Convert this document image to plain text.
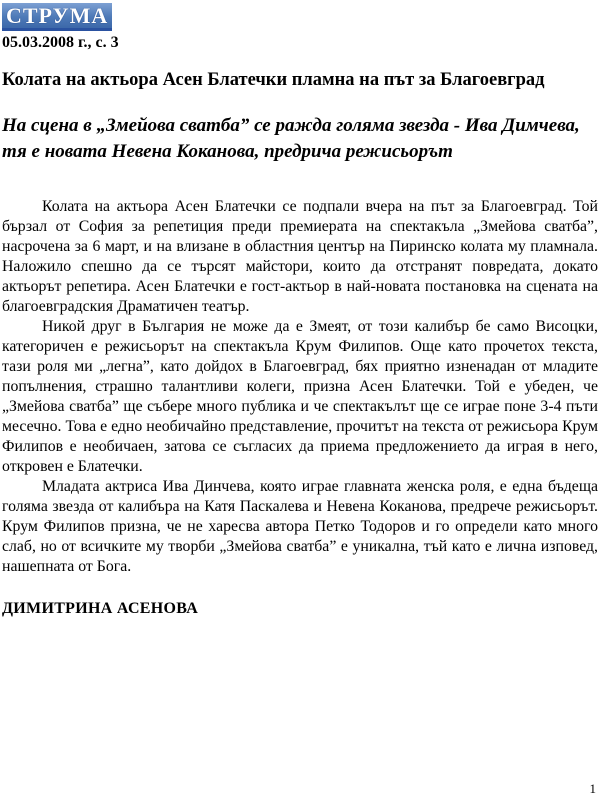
СТРУМА
05.03.2008 г., с. 3
Колата на актьора Асен Блатечки пламна на път за Благоевград
На сцена в „Змейова сватба” се ражда голяма звезда - Ива Димчева, тя е новата Невена Коканова, предрича режисьорът

Колата на актьора Асен Блатечки се подпали вчера на път за Благоевград. Той бързал от София за репетиция преди премиерата на спектакъла „Змейова сватба”, насрочена за 6 март, и на влизане в областния център на Пиринско колата му пламнала. Наложило спешно да се търсят майстори, които да отстранят повредата, докато актьорът репетира. Асен Блатечки е гост-актьор в най-новата постановка на сцената на благоевградския Драматичен театър.

Никой друг в България не може да е Змеят, от този калибър бе само Висоцки, категоричен е режисьорът на спектакъла Крум Филипов. Още като прочетох текста, тази роля ми „легна”, като дойдох в Благоевград, бях приятно изненадан от младите попълнения, страшно талантливи колеги, призна Асен Блатечки. Той е убеден, че „Змейова сватба” ще събере много публика и че спектакълът ще се играе поне 3-4 пъти месечно. Това е едно необичайно представление, прочитът на текста от режисьора Крум Филипов е необичаен, затова се съгласих да приема предложението да играя в него, откровен е Блатечки.

Младата актриса Ива Динчева, която играе главната женска роля, е една бъдеща голяма звезда от калибъра на Катя Паскалева и Невена Коканова, предрече режисьорът. Крум Филипов призна, че не харесва автора Петко Тодоров и го определи като много слаб, но от всичките му творби „Змейова сватба” е уникална, тъй като е лична изповед, нашепната от Бога.

ДИМИТРИНА АСЕНОВА
1
